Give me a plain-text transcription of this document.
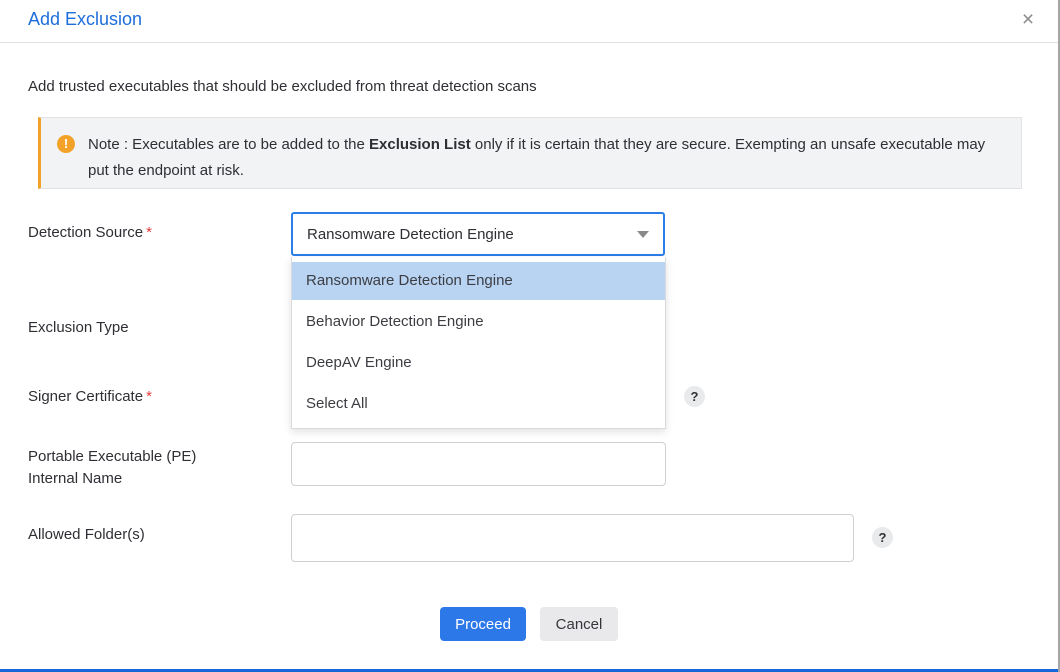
Add Exclusion	×
Add trusted executables that should be excluded from threat detection scans
!	Note : Executables are to be added to the Exclusion List only if it is certain that they are secure. Exempting an unsafe executable may put the endpoint at risk.
Detection Source *	Ransomware Detection Engine
Ransomware Detection Engine
Behavior Detection Engine
DeepAV Engine
Select All
Exclusion Type
Signer Certificate *	?
Portable Executable (PE)
Internal Name
Allowed Folder(s)	?
Proceed	Cancel
